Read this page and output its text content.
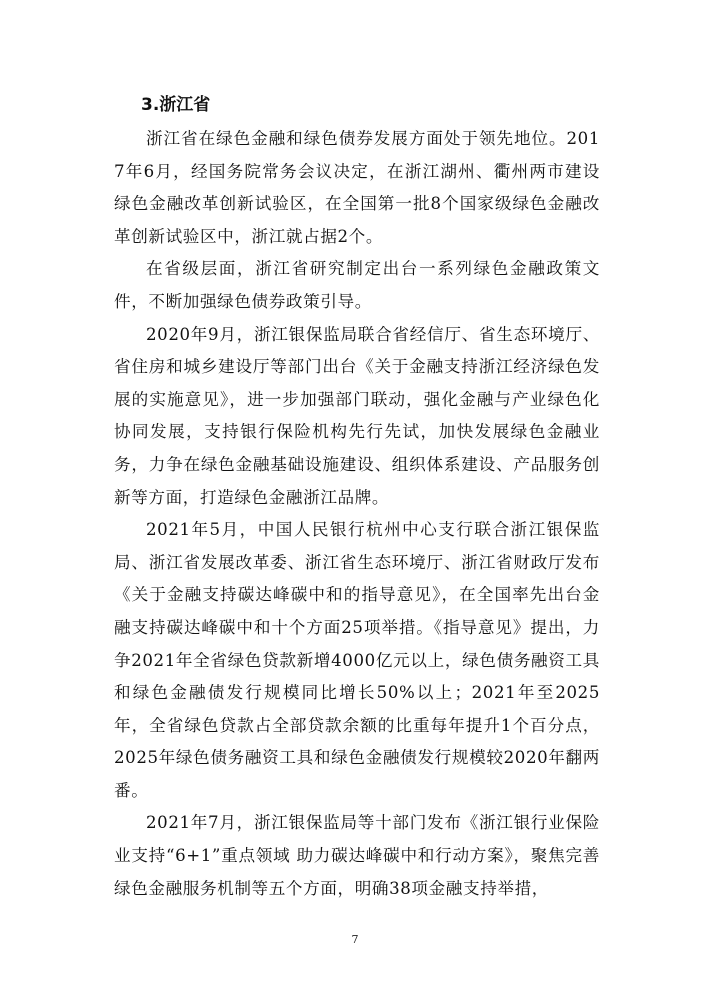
3.浙江省

浙江省在绿色金融和绿色债券发展方面处于领先地位。2017年6月，经国务院常务会议决定，在浙江湖州、衢州两市建设绿色金融改革创新试验区，在全国第一批8个国家级绿色金融改革创新试验区中，浙江就占据2个。

在省级层面，浙江省研究制定出台一系列绿色金融政策文件，不断加强绿色债券政策引导。

2020年9月，浙江银保监局联合省经信厅、省生态环境厅、省住房和城乡建设厅等部门出台《关于金融支持浙江经济绿色发展的实施意见》，进一步加强部门联动，强化金融与产业绿色化协同发展，支持银行保险机构先行先试，加快发展绿色金融业务，力争在绿色金融基础设施建设、组织体系建设、产品服务创新等方面，打造绿色金融浙江品牌。

2021年5月，中国人民银行杭州中心支行联合浙江银保监局、浙江省发展改革委、浙江省生态环境厅、浙江省财政厅发布《关于金融支持碳达峰碳中和的指导意见》，在全国率先出台金融支持碳达峰碳中和十个方面25项举措。《指导意见》提出，力争2021年全省绿色贷款新增4000亿元以上，绿色债务融资工具和绿色金融债发行规模同比增长50%以上；2021年至2025年，全省绿色贷款占全部贷款余额的比重每年提升1个百分点，2025年绿色债务融资工具和绿色金融债发行规模较2020年翻两番。

2021年7月，浙江银保监局等十部门发布《浙江银行业保险业支持“6+1”重点领域 助力碳达峰碳中和行动方案》，聚焦完善绿色金融服务机制等五个方面，明确38项金融支持举措，

7
